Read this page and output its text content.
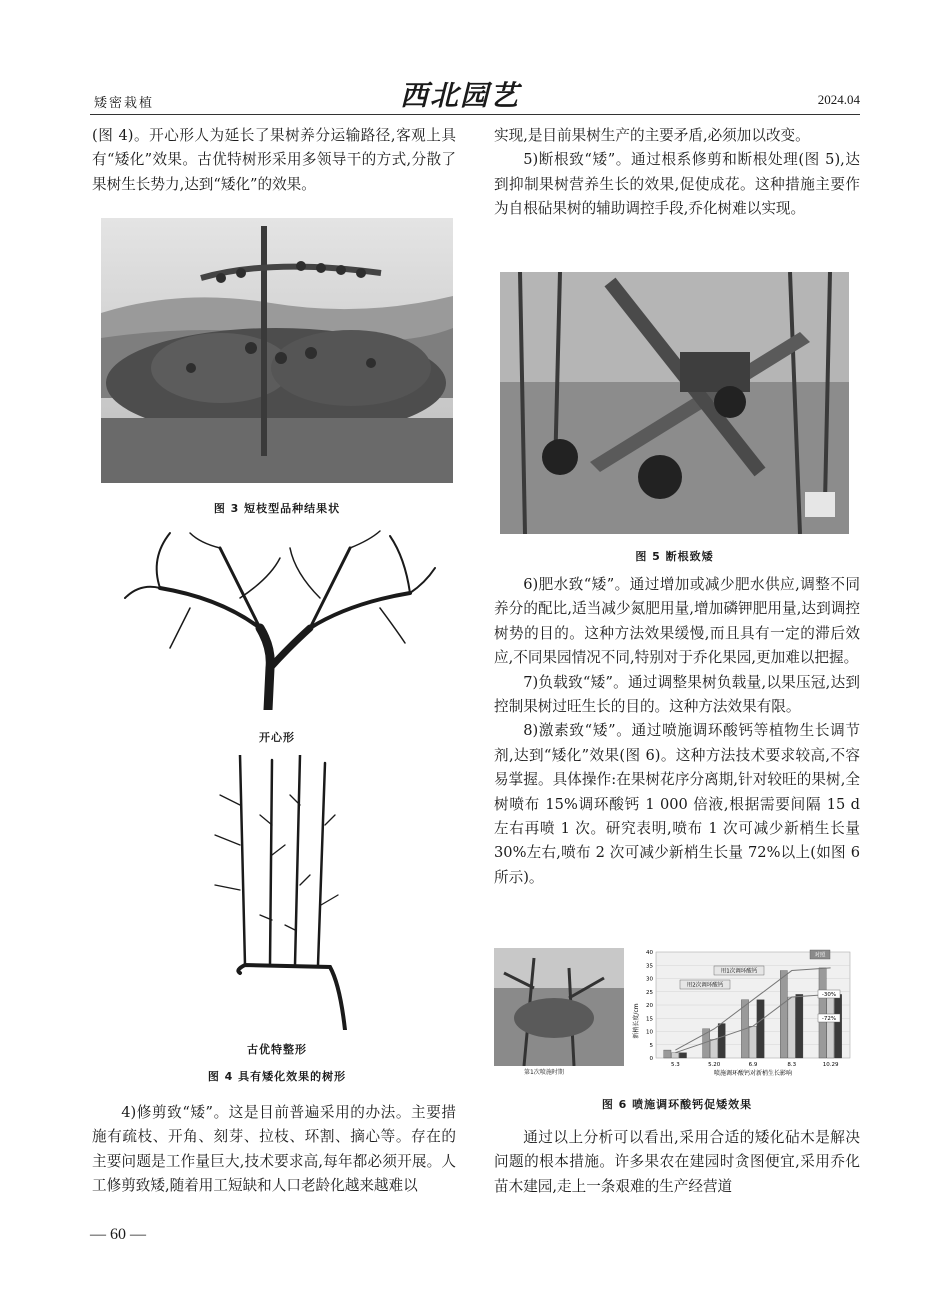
矮密栽植	西北园艺	2024.04

(图 4)。开心形人为延长了果树养分运输路径,客观上具有“矮化”效果。古优特树形采用多领导干的方式,分散了果树生长势力,达到“矮化”的效果。

图 3 短枝型品种结果状
开心形
古优特整形
图 4 具有矮化效果的树形

4)修剪致“矮”。这是目前普遍采用的办法。主要措施有疏枝、开角、刻芽、拉枝、环割、摘心等。存在的主要问题是工作量巨大,技术要求高,每年都必须开展。人工修剪致矮,随着用工短缺和人口老龄化越来越难以

实现,是目前果树生产的主要矛盾,必须加以改变。

5)断根致“矮”。通过根系修剪和断根处理(图 5),达到抑制果树营养生长的效果,促使成花。这种措施主要作为自根砧果树的辅助调控手段,乔化树难以实现。

图 5 断根致矮

6)肥水致“矮”。通过增加或减少肥水供应,调整不同养分的配比,适当减少氮肥用量,增加磷钾肥用量,达到调控树势的目的。这种方法效果缓慢,而且具有一定的滞后效应,不同果园情况不同,特别对于乔化果园,更加难以把握。

7)负载致“矮”。通过调整果树负载量,以果压冠,达到控制果树过旺生长的目的。这种方法效果有限。

8)激素致“矮”。通过喷施调环酸钙等植物生长调节剂,达到“矮化”效果(图 6)。这种方法技术要求较高,不容易掌握。具体操作:在果树花序分离期,针对较旺的果树,全树喷布 15%调环酸钙 1 000 倍液,根据需要间隔 15 d 左右再喷 1 次。研究表明,喷布 1 次可减少新梢生长量 30%左右,喷布 2 次可减少新梢生长量 72%以上(如图 6 所示)。

第1次喷施时期
新梢长度/cm
喷施调环酸钙对新梢生长影响
0
5
10
15
20
25
30
35
40
5.3	5.20	6.9	8.3	10.29
对照
用1次调环酸钙
用2次调环酸钙
-30%
-72%
图 6 喷施调环酸钙促矮效果

通过以上分析可以看出,采用合适的矮化砧木是解决问题的根本措施。许多果农在建园时贪图便宜,采用乔化苗木建园,走上一条艰难的生产经营道

— 60 —
